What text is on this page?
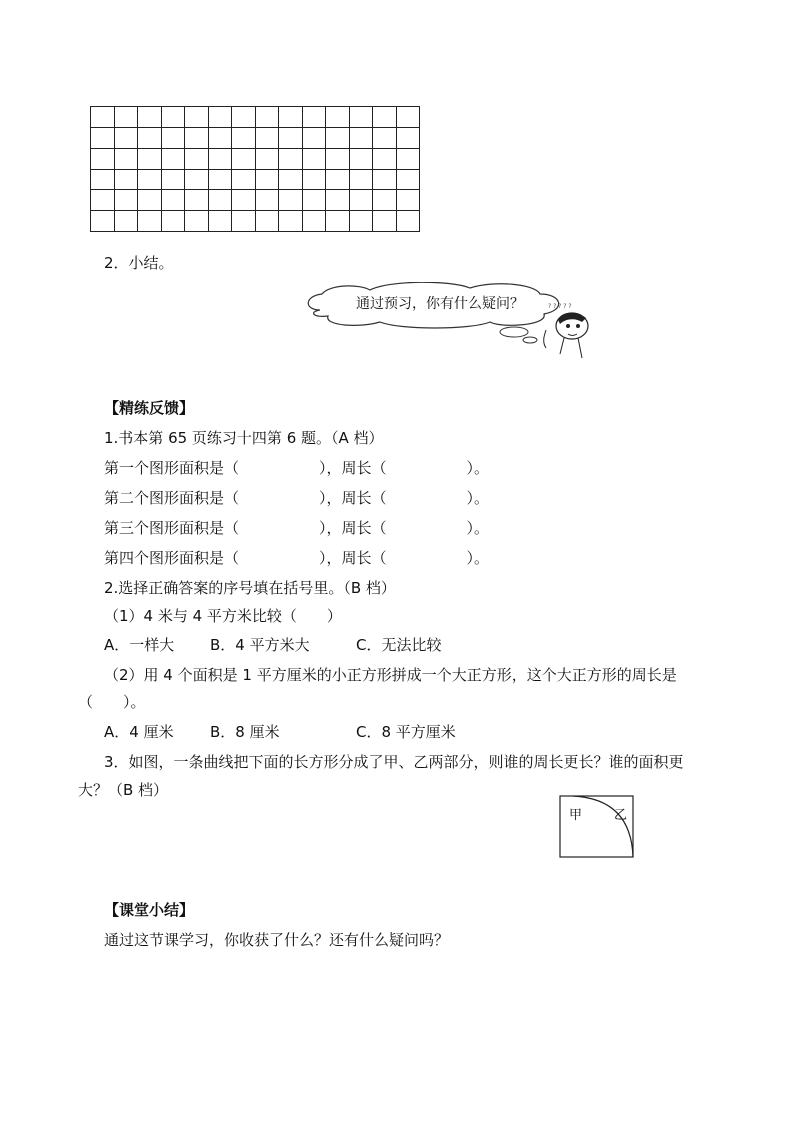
2．小结。
? ? ? ? ?
通过预习，你有什么疑问？
【精练反馈】
1.书本第 65 页练习十四第 6 题。（A 档）
第一个图形面积是（	），周长（	）。
第二个图形面积是（	），周长（	）。
第三个图形面积是（	），周长（	）。
第四个图形面积是（	），周长（	）。
2.选择正确答案的序号填在括号里。（B 档）
（1）4 米与 4 平方米比较（　　）
A．一样大 B．4 平方米大	C．无法比较
（2）用 4 个面积是 1 平方厘米的小正方形拼成一个大正方形，这个大正方形的周长是
（　　）。
A．4 厘米 B．8 厘米	C．8 平方厘米
3．如图，一条曲线把下面的长方形分成了甲、乙两部分，则谁的周长更长？谁的面积更
大？（B 档）
甲 乙
【课堂小结】
通过这节课学习，你收获了什么？还有什么疑问吗？
